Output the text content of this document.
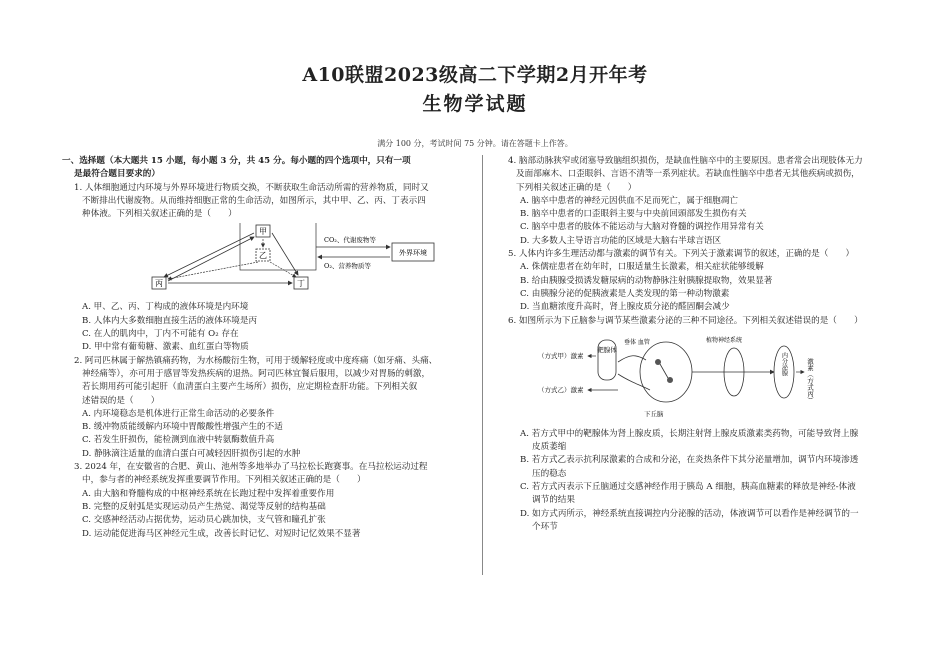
A10联盟2023级高二下学期2月开年考
生物学试题
满分 100 分，考试时间 75 分钟。请在答题卡上作答。

一、选择题（本大题共 15 小题，每小题 3 分，共 45 分。每小题的四个选项中，只有一项

是最符合题目要求的）

1. 人体细胞通过内环境与外界环境进行物质交换，不断获取生命活动所需的营养物质，同时又

不断排出代谢废物。从而维持细胞正常的生命活动，如图所示，其中甲、乙、丙、丁表示四

种体液。下列相关叙述正确的是（　　）

甲
乙
丙	丁
CO₂、代谢废物等
O₂、营养物质等
外界环境

A. 甲、乙、丙、丁构成的液体环境是内环境

B. 人体内大多数细胞直接生活的液体环境是丙

C. 在人的肌肉中，丁内不可能有 O₂ 存在

D. 甲中常有葡萄糖、激素、血红蛋白等物质

2. 阿司匹林属于解热镇痛药物，为水杨酸衍生物，可用于缓解轻度或中度疼痛（如牙痛、头痛、

神经痛等），亦可用于感冒等发热疾病的退热。阿司匹林宜餐后服用，以减少对胃肠的刺激，

若长期用药可能引起肝（血清蛋白主要产生场所）损伤，应定期检查肝功能。下列相关叙

述错误的是（　　）

A. 内环境稳态是机体进行正常生命活动的必要条件

B. 缓冲物质能缓解内环境中胃酸酸性增强产生的不适

C. 若发生肝损伤，能检测到血液中转氨酶数值升高

D. 静脉滴注适量的血清白蛋白可减轻因肝损伤引起的水肿

3. 2024 年，在安徽省的合肥、黄山、池州等多地举办了马拉松长跑赛事。在马拉松运动过程

中，参与者的神经系统发挥重要调节作用。下列相关叙述正确的是（　　）

A. 由大脑和脊髓构成的中枢神经系统在长跑过程中发挥着重要作用

B. 完整的反射弧是实现运动员产生热觉、渴觉等反射的结构基础

C. 交感神经活动占据优势，运动员心跳加快，支气管和瞳孔扩张

D. 运动能促进海马区神经元生成，改善长时记忆、对短时记忆效果不显著

4. 脑部动脉狭窄或闭塞导致脑组织损伤，是缺血性脑卒中的主要原因。患者常会出现肢体无力

及面部麻木、口歪眼斜、言语不清等一系列症状。若缺血性脑卒中患者无其他疾病或损伤，

下列相关叙述正确的是（　　）

A. 脑卒中患者的神经元因供血不足而死亡，属于细胞凋亡

B. 脑卒中患者的口歪眼斜主要与中央前回頭部发生损伤有关

C. 脑卒中患者的肢体不能运动与大脑对脊髓的调控作用异常有关

D. 大多数人主导语言功能的区域是大脑右半球言语区

5. 人体内许多生理活动都与激素的调节有关。下列关于激素调节的叙述，正确的是（　　）

A. 侏儒症患者在幼年时，口服适量生长激素，相关症状能够缓解

B. 给由胰腺受损诱发糖尿病的动物静脉注射胰腺提取物，效果显著

C. 由胰腺分泌的促胰液素是人类发现的第一种动物激素

D. 当血糖浓度升高时，肾上腺皮质分泌的醛固酮会减少

6. 如图所示为下丘脑参与调节某些激素分泌的三种不同途径。下列相关叙述错误的是（　　）

（方式甲）激素
（方式乙）激素
靶腺体
垂体 血管
下丘脑
植物神经系统
内分泌腺	激素（方式丙）

A. 若方式甲中的靶腺体为肾上腺皮质，长期注射肾上腺皮质激素类药物，可能导致肾上腺

皮质萎缩

B. 若方式乙表示抗利尿激素的合成和分泌，在炎热条件下其分泌量增加，调节内环境渗透

压的稳态

C. 若方式丙表示下丘脑通过交感神经作用于胰岛 A 细胞，胰高血糖素的释放是神经-体液

调节的结果

D. 如方式丙所示，神经系统直接调控内分泌腺的活动，体液调节可以看作是神经调节的一

个环节
